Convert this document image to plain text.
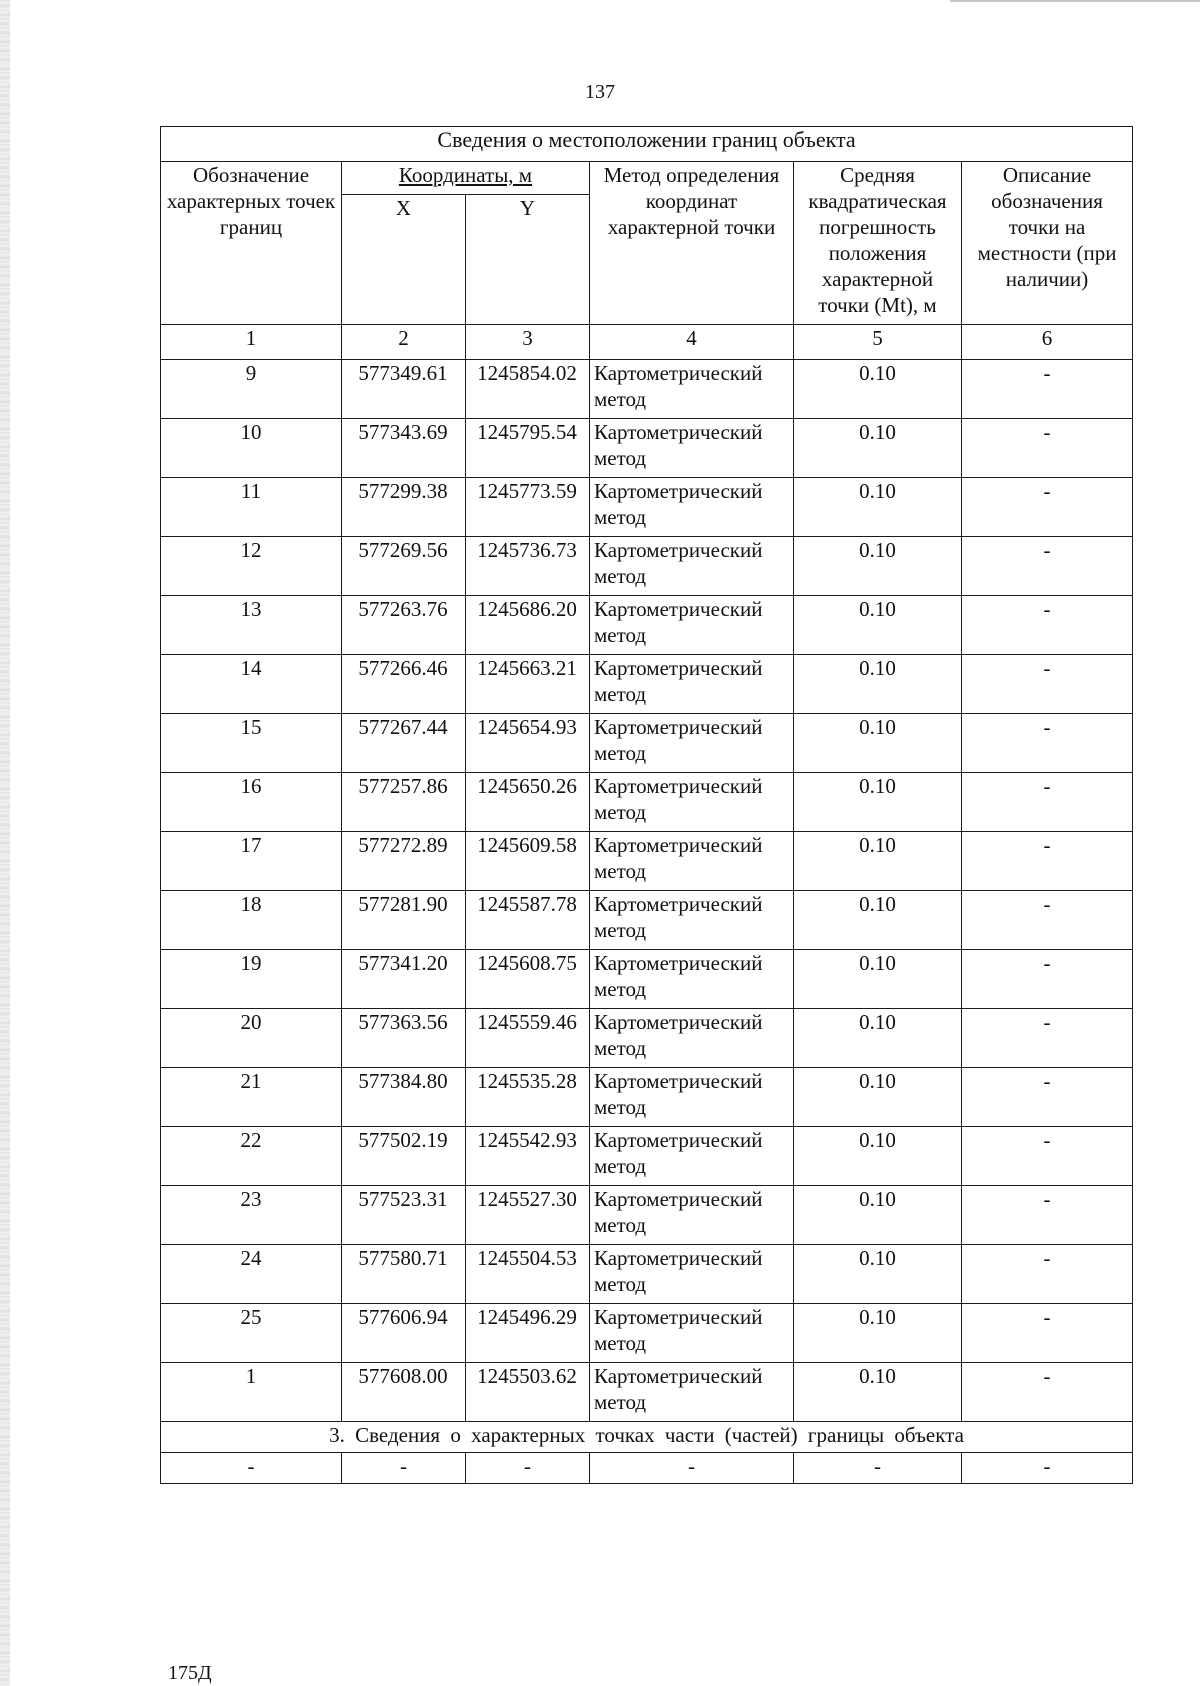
137
Сведения о местоположении границ объекта					
Обозначение характерных точек границ	Координаты, м		Метод определения координат характерной точки	Средняя квадратическая погрешность положения характерной точки (Mt), м	Описание обозначения точки на местности (при наличии)
	X	Y			
1	2	3	4	5	6
9	577349.61	1245854.02	Картометрический метод	0.10	-
10	577343.69	1245795.54	Картометрический метод	0.10	-
11	577299.38	1245773.59	Картометрический метод	0.10	-
12	577269.56	1245736.73	Картометрический метод	0.10	-
13	577263.76	1245686.20	Картометрический метод	0.10	-
14	577266.46	1245663.21	Картометрический метод	0.10	-
15	577267.44	1245654.93	Картометрический метод	0.10	-
16	577257.86	1245650.26	Картометрический метод	0.10	-
17	577272.89	1245609.58	Картометрический метод	0.10	-
18	577281.90	1245587.78	Картометрический метод	0.10	-
19	577341.20	1245608.75	Картометрический метод	0.10	-
20	577363.56	1245559.46	Картометрический метод	0.10	-
21	577384.80	1245535.28	Картометрический метод	0.10	-
22	577502.19	1245542.93	Картометрический метод	0.10	-
23	577523.31	1245527.30	Картометрический метод	0.10	-
24	577580.71	1245504.53	Картометрический метод	0.10	-
25	577606.94	1245496.29	Картометрический метод	0.10	-
1	577608.00	1245503.62	Картометрический метод	0.10	-
3. Сведения о характерных точках части (частей) границы объекта					
-	-	-	-	-	-
175Д
